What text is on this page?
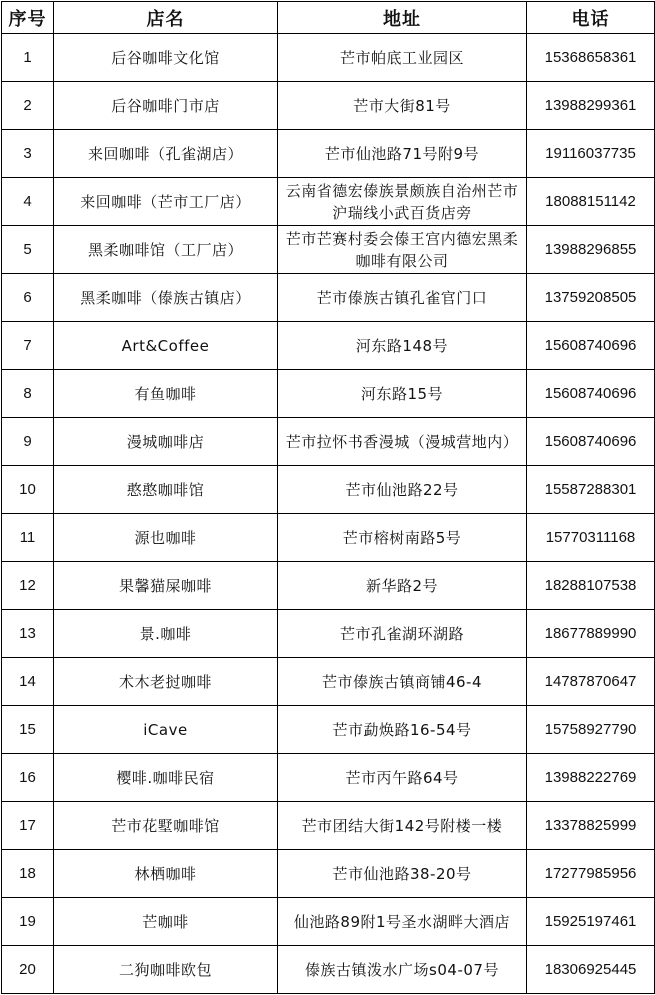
序号	店名	地址	电话
1	后谷咖啡文化馆	芒市帕底工业园区	15368658361
2	后谷咖啡门市店	芒市大街81号	13988299361
3	来回咖啡（孔雀湖店）	芒市仙池路71号附9号	19116037735
4	来回咖啡（芒市工厂店）	云南省德宏傣族景颇族自治州芒市沪瑞线小武百货店旁	18088151142
5	黑柔咖啡馆（工厂店）	芒市芒赛村委会傣王宫内德宏黑柔咖啡有限公司	13988296855
6	黑柔咖啡（傣族古镇店）	芒市傣族古镇孔雀官门口	13759208505
7	Art&Coffee	河东路148号	15608740696
8	有鱼咖啡	河东路15号	15608740696
9	漫城咖啡店	芒市拉怀书香漫城（漫城营地内）	15608740696
10	憨憨咖啡馆	芒市仙池路22号	15587288301
11	源也咖啡	芒市榕树南路5号	15770311168
12	果馨猫屎咖啡	新华路2号	18288107538
13	景.咖啡	芒市孔雀湖环湖路	18677889990
14	术木老挝咖啡	芒市傣族古镇商铺46-4	14787870647
15	iCave	芒市勐焕路16-54号	15758927790
16	樱啡.咖啡民宿	芒市丙午路64号	13988222769
17	芒市花墅咖啡馆	芒市团结大街142号附楼一楼	13378825999
18	林栖咖啡	芒市仙池路38-20号	17277985956
19	芒咖啡	仙池路89附1号圣水湖畔大酒店	15925197461
20	二狗咖啡欧包	傣族古镇泼水广场s04-07号	18306925445
